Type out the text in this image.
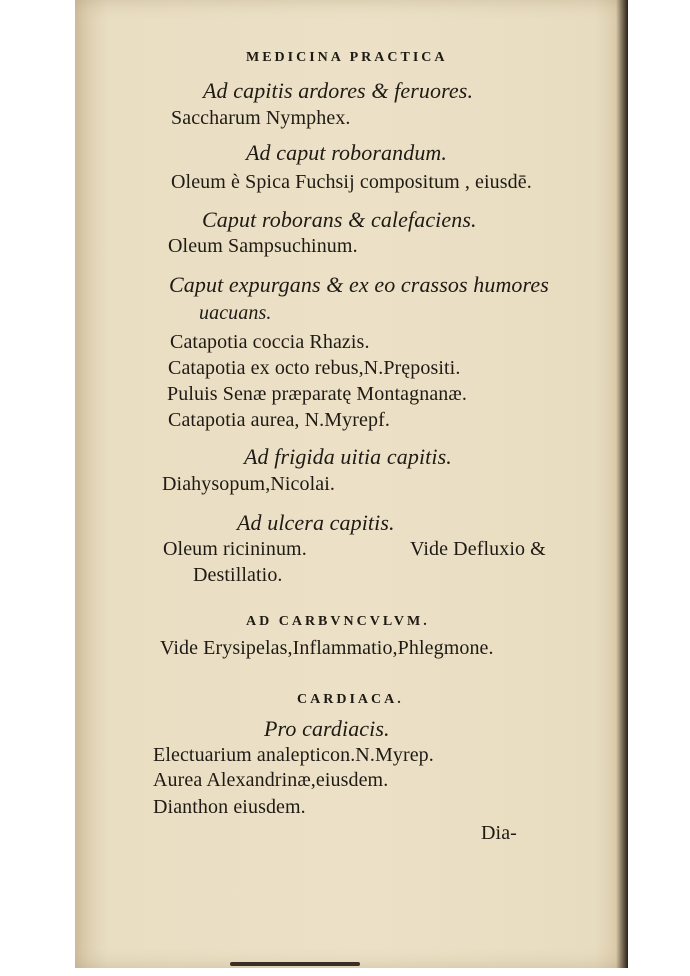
MEDICINA PRACTICA
Ad capitis ardores & feruores.
Saccharum Nymphex.
Ad caput roborandum.
Oleum è Spica Fuchsij compositum , eiusdē.
Caput roborans & calefaciens.
Oleum Sampsuchinum.
Caput expurgans & ex eo crassos humores
uacuans.
Catapotia coccia Rhazis.
Catapotia ex octo rebus,N.Prępositi.
Puluis Senæ præparatę Montagnanæ.
Catapotia aurea, N.Myrepf.
Ad frigida uitia capitis.
Diahysopum,Nicolai.
Ad ulcera capitis.
Oleum ricininum.	Vide Defluxio &
Destillatio.
AD CARBVNCVLVM.
Vide Erysipelas,Inflammatio,Phlegmone.
CARDIACA.
Pro cardiacis.
Electuarium analepticon.N.Myrep.
Aurea Alexandrinæ,eiusdem.
Dianthon eiusdem.
Dia-
